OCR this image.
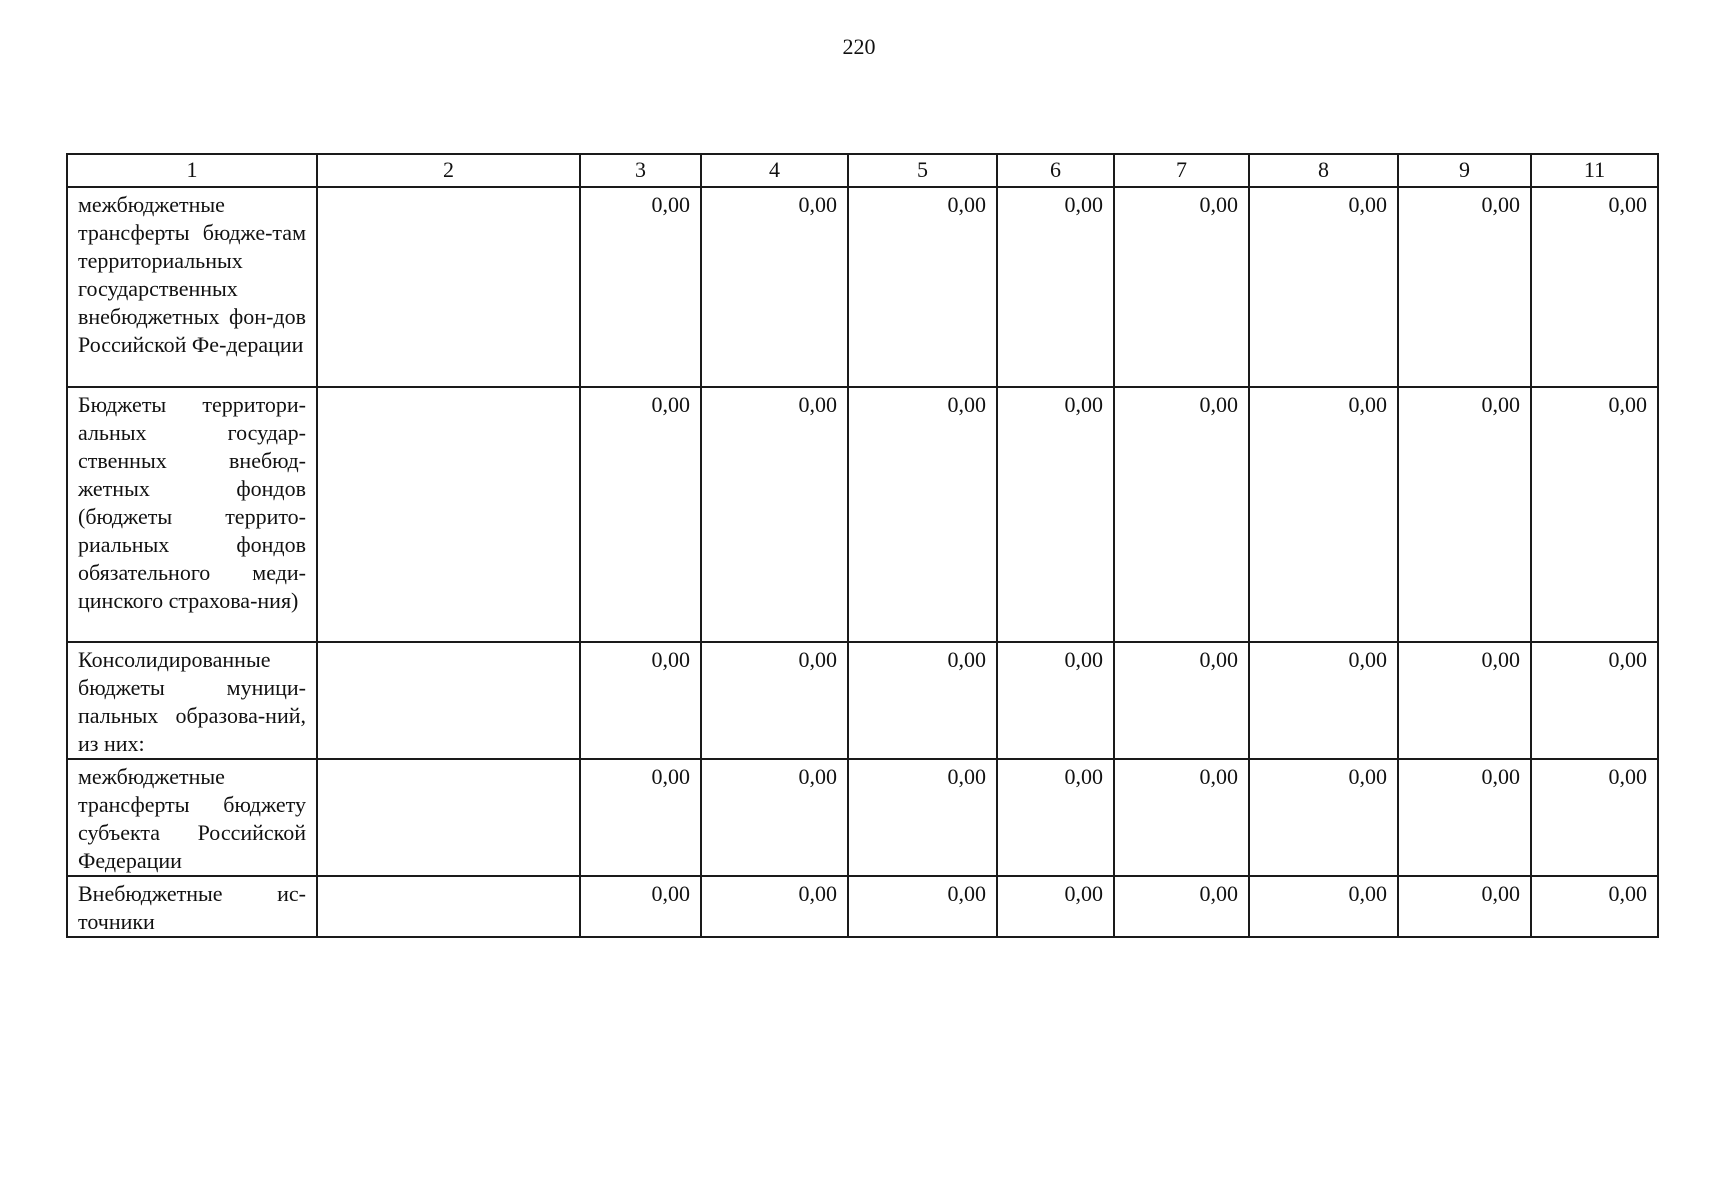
220
1	2	3	4	5	6	7	8	9	11
межбюджетные трансферты бюдже-там территориальных государственных внебюджетных фон-дов Российской Фе-дерации		0,00	0,00	0,00	0,00	0,00	0,00	0,00	0,00
Бюджеты территори-альных государ-ственных внебюд-жетных фондов (бюджеты террито-риальных фондов обязательного меди-цинского страхова-ния)		0,00	0,00	0,00	0,00	0,00	0,00	0,00	0,00
Консолидированные бюджеты муници-пальных образова-ний, из них:		0,00	0,00	0,00	0,00	0,00	0,00	0,00	0,00
межбюджетные трансферты бюджету субъекта Российской Федерации		0,00	0,00	0,00	0,00	0,00	0,00	0,00	0,00
Внебюджетные ис-точники		0,00	0,00	0,00	0,00	0,00	0,00	0,00	0,00
